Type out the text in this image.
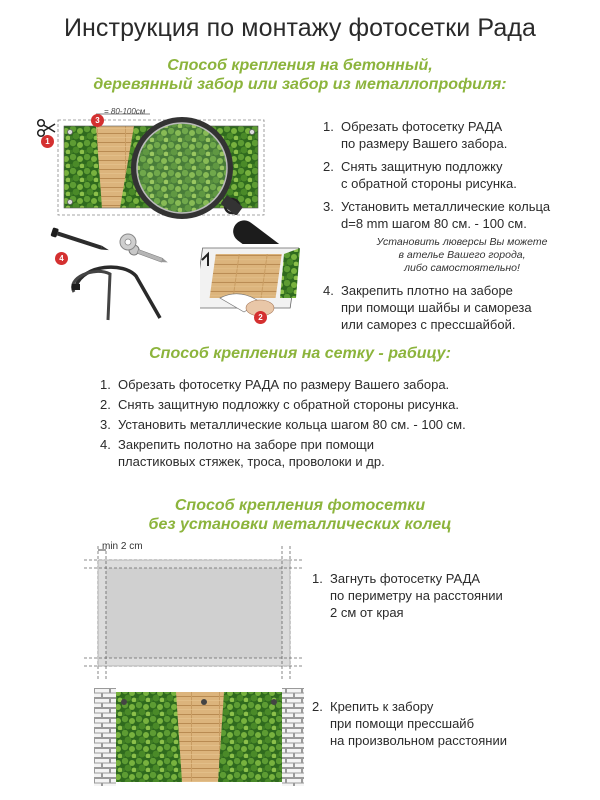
Инструкция по монтажу фотосетки Рада
Способ крепления на бетонный,
деревянный забор или забор из металлопрофиля:
= 80-100см
1
2
3
4
1. Обрезать фотосетку РАДА
по размеру Вашего забора.
2. Снять защитную подложку
с обратной стороны рисунка.
3. Установить металлические кольца
d=8 mm шагом 80 см. - 100 см.
Установить люверсы Вы можете
в ателье Вашего города,
либо самостоятельно!
4. Закрепить плотно на заборе
при помощи шайбы и самореза
или саморез с прессшайбой.
Способ крепления на сетку - рабицу:
1. Обрезать фотосетку РАДА по размеру Вашего забора.
2. Снять защитную подложку с обратной стороны рисунка.
3. Установить металлические кольца шагом 80 см. - 100 см.
4. Закрепить полотно на заборе при помощи
пластиковых стяжек, троса, проволоки и др.
Способ крепления фотосетки
без установки металлических колец
min 2 cm
1. Загнуть фотосетку РАДА
по периметру на расстоянии
2 см от края
2. Крепить к забору
при помощи прессшайб
на произвольном расстоянии
